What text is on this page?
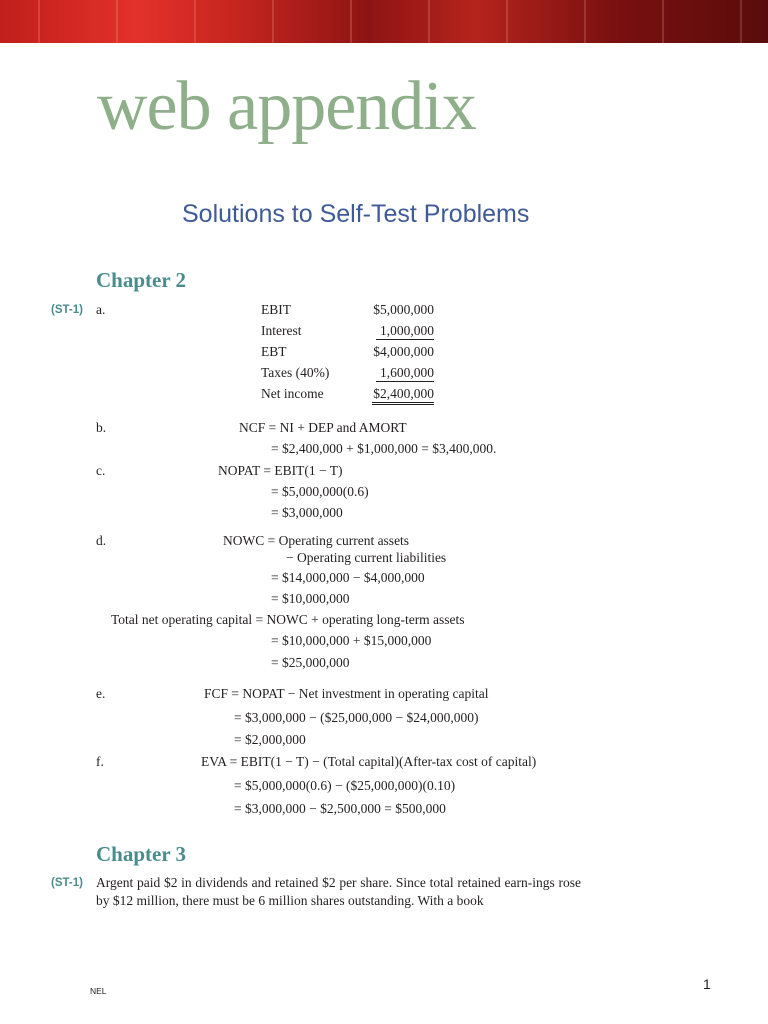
web appendix
Solutions to Self-Test Problems
Chapter 2
(ST-1) a.	EBIT	$5,000,000
Interest	1,000,000
EBT	$4,000,000
Taxes (40%)	1,600,000
Net income	$2,400,000
b.	NCF = NI + DEP and AMORT
= $2,400,000 + $1,000,000 = $3,400,000.
c.	NOPAT = EBIT(1 − T)
= $5,000,000(0.6)
= $3,000,000
d.	NOWC = Operating current assets
− Operating current liabilities
= $14,000,000 − $4,000,000
= $10,000,000
Total net operating capital = NOWC + operating long-term assets
= $10,000,000 + $15,000,000
= $25,000,000
e.	FCF = NOPAT − Net investment in operating capital
= $3,000,000 − ($25,000,000 − $24,000,000)
= $2,000,000
f.	EVA = EBIT(1 − T) − (Total capital)(After-tax cost of capital)
= $5,000,000(0.6) − ($25,000,000)(0.10)
= $3,000,000 − $2,500,000 = $500,000
Chapter 3
(ST-1) Argent paid $2 in dividends and retained $2 per share. Since total retained earn-ings rose by $12 million, there must be 6 million shares outstanding. With a book
NEL	1
